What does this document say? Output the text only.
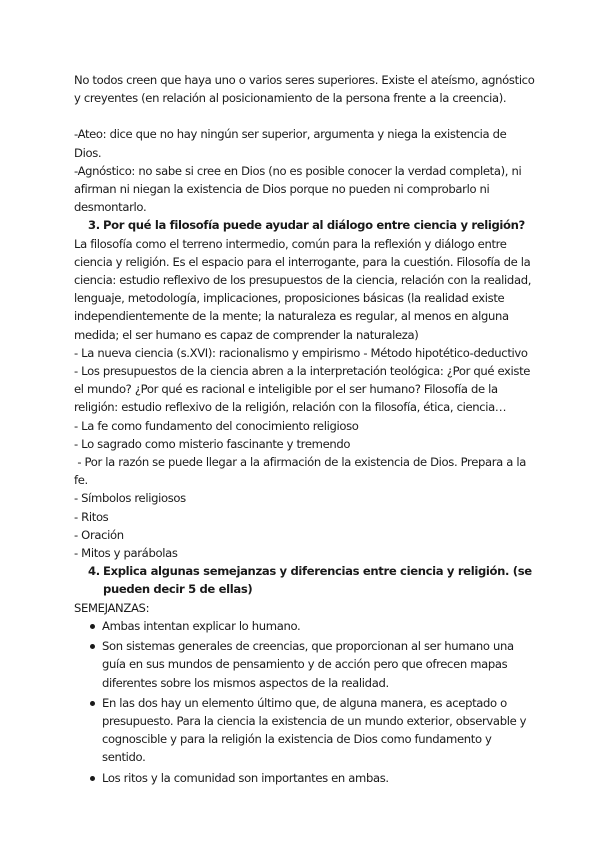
No todos creen que haya uno o varios seres superiores. Existe el ateísmo, agnóstico y creyentes (en relación al posicionamiento de la persona frente a la creencia).

-Ateo: dice que no hay ningún ser superior, argumenta y niega la existencia de Dios.

-Agnóstico: no sabe si cree en Dios (no es posible conocer la verdad completa), ni afirman ni niegan la existencia de Dios porque no pueden ni comprobarlo ni desmontarlo.

3. Por qué la filosofía puede ayudar al diálogo entre ciencia y religión?

La filosofía como el terreno intermedio, común para la reflexión y diálogo entre ciencia y religión. Es el espacio para el interrogante, para la cuestión. Filosofía de la ciencia: estudio reflexivo de los presupuestos de la ciencia, relación con la realidad, lenguaje, metodología, implicaciones, proposiciones básicas (la realidad existe independientemente de la mente; la naturaleza es regular, al menos en alguna medida; el ser humano es capaz de comprender la naturaleza)

- La nueva ciencia (s.XVI): racionalismo y empirismo - Método hipotético-deductivo

- Los presupuestos de la ciencia abren a la interpretación teológica: ¿Por qué existe el mundo? ¿Por qué es racional e inteligible por el ser humano? Filosofía de la religión: estudio reflexivo de la religión, relación con la filosofía, ética, ciencia…

- La fe como fundamento del conocimiento religioso

- Lo sagrado como misterio fascinante y tremendo

- Por la razón se puede llegar a la afirmación de la existencia de Dios. Prepara a la fe.

- Símbolos religiosos

- Ritos

- Oración

- Mitos y parábolas

4. Explica algunas semejanzas y diferencias entre ciencia y religión. (se pueden decir 5 de ellas)

SEMEJANZAS:

Ambas intentan explicar lo humano.
Son sistemas generales de creencias, que proporcionan al ser humano una guía en sus mundos de pensamiento y de acción pero que ofrecen mapas diferentes sobre los mismos aspectos de la realidad.
En las dos hay un elemento último que, de alguna manera, es aceptado o presupuesto. Para la ciencia la existencia de un mundo exterior, observable y cognoscible y para la religión la existencia de Dios como fundamento y sentido.
Los ritos y la comunidad son importantes en ambas.
